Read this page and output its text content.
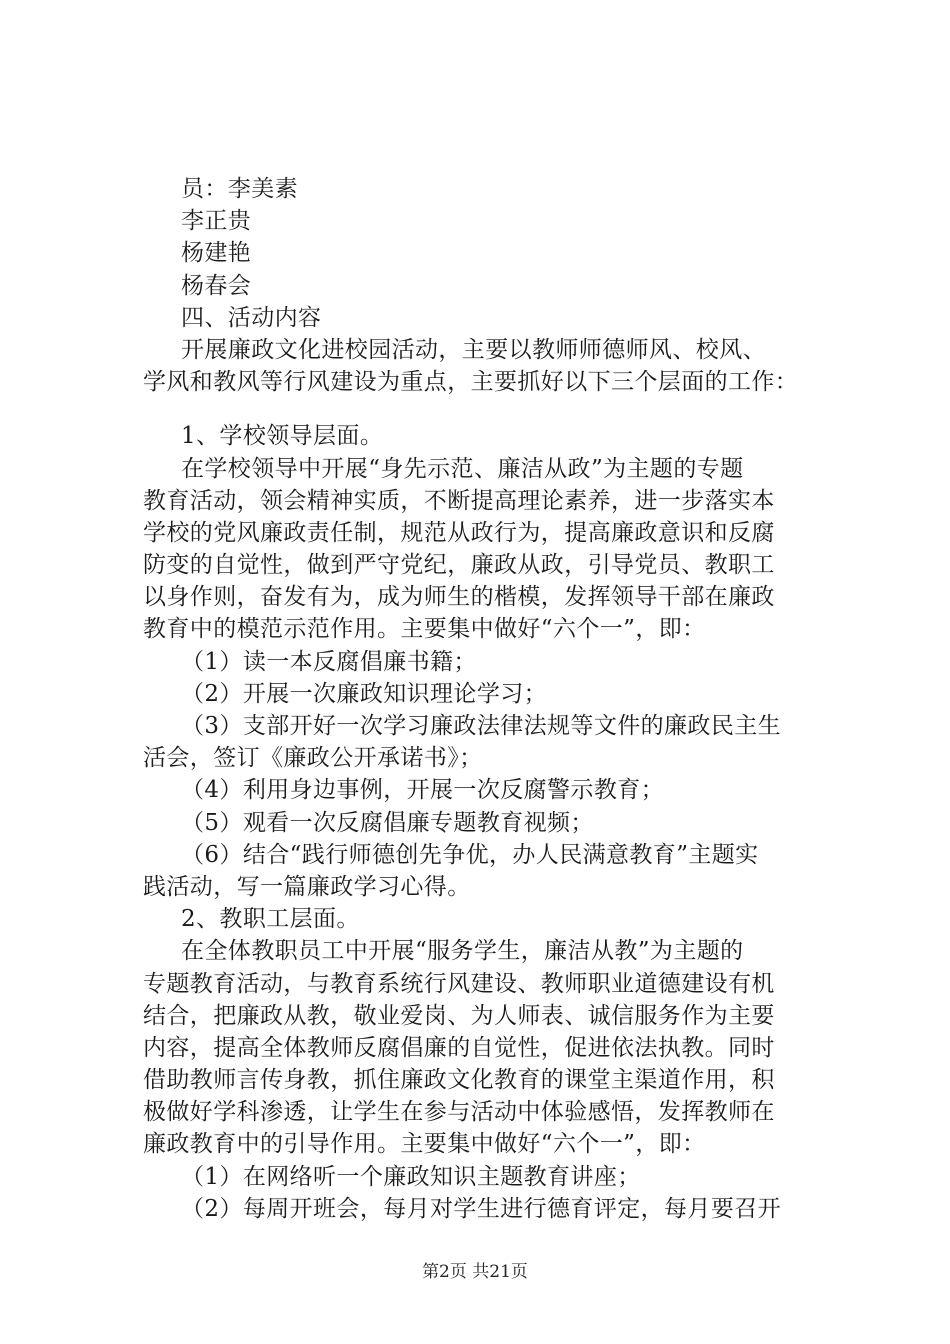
员：李美素
李正贵
杨建艳
杨春会
四、活动内容
开展廉政文化进校园活动，主要以教师师德师风、校风、
学风和教风等行风建设为重点，主要抓好以下三个层面的工作：
1、学校领导层面。
在学校领导中开展“身先示范、廉洁从政”为主题的专题
教育活动，领会精神实质，不断提高理论素养，进一步落实本
学校的党风廉政责任制，规范从政行为，提高廉政意识和反腐
防变的自觉性，做到严守党纪，廉政从政，引导党员、教职工
以身作则，奋发有为，成为师生的楷模，发挥领导干部在廉政
教育中的模范示范作用。主要集中做好“六个一”，即：
（1）读一本反腐倡廉书籍；
（2）开展一次廉政知识理论学习；
（3）支部开好一次学习廉政法律法规等文件的廉政民主生
活会，签订《廉政公开承诺书》；
（4）利用身边事例，开展一次反腐警示教育；
（5）观看一次反腐倡廉专题教育视频；
（6）结合“践行师德创先争优，办人民满意教育”主题实
践活动，写一篇廉政学习心得。
2、教职工层面。
在全体教职员工中开展“服务学生，廉洁从教”为主题的
专题教育活动，与教育系统行风建设、教师职业道德建设有机
结合，把廉政从教，敬业爱岗、为人师表、诚信服务作为主要
内容，提高全体教师反腐倡廉的自觉性，促进依法执教。同时
借助教师言传身教，抓住廉政文化教育的课堂主渠道作用，积
极做好学科渗透，让学生在参与活动中体验感悟，发挥教师在
廉政教育中的引导作用。主要集中做好“六个一”，即：
（1）在网络听一个廉政知识主题教育讲座；
（2）每周开班会，每月对学生进行德育评定，每月要召开
第2页 共21页
